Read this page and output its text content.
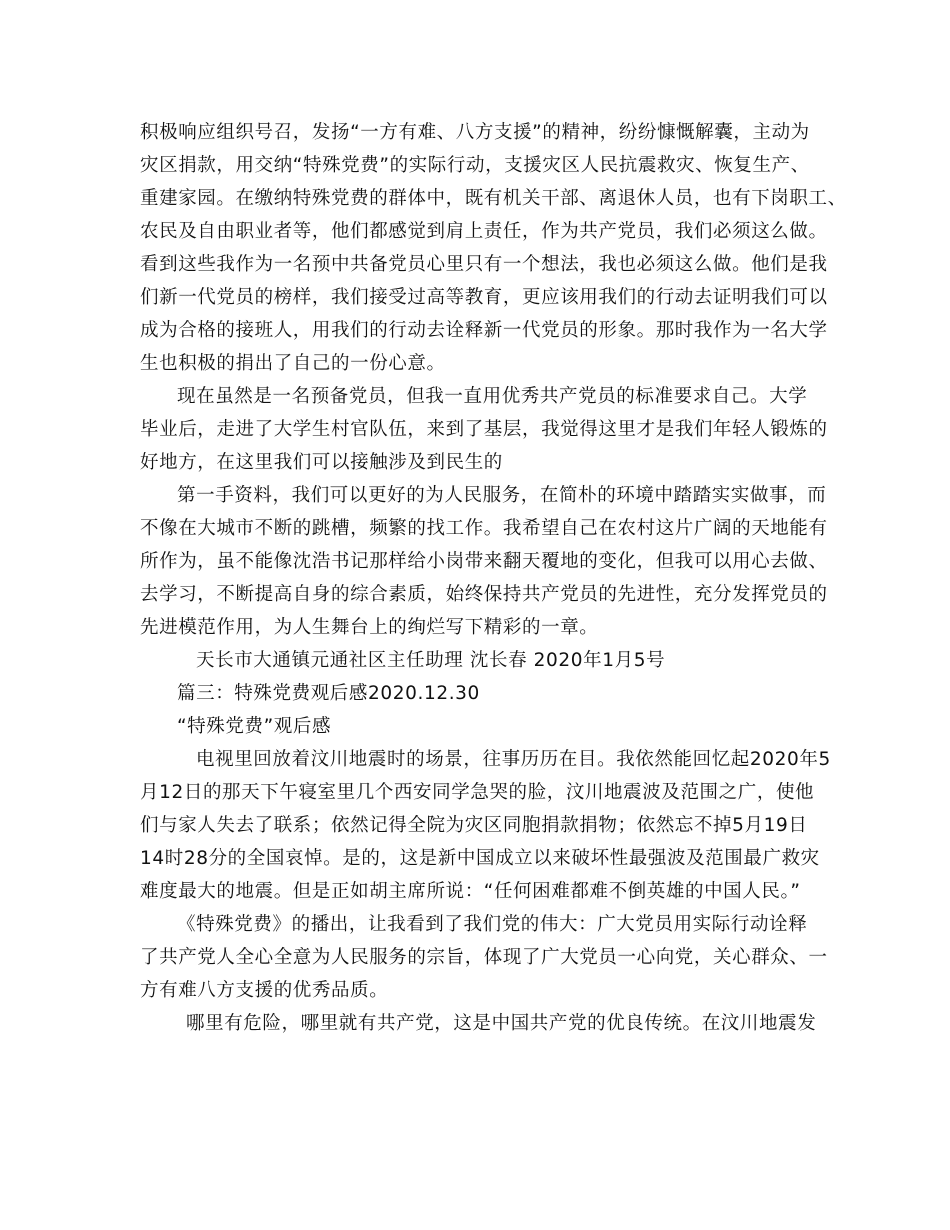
积极响应组织号召，发扬“一方有难、八方支援”的精神，纷纷慷慨解囊，主动为
灾区捐款，用交纳“特殊党费”的实际行动，支援灾区人民抗震救灾、恢复生产、
重建家园。在缴纳特殊党费的群体中，既有机关干部、离退休人员，也有下岗职工、
农民及自由职业者等，他们都感觉到肩上责任，作为共产党员，我们必须这么做。
看到这些我作为一名预中共备党员心里只有一个想法，我也必须这么做。他们是我
们新一代党员的榜样，我们接受过高等教育，更应该用我们的行动去证明我们可以
成为合格的接班人，用我们的行动去诠释新一代党员的形象。那时我作为一名大学
生也积极的捐出了自己的一份心意。
现在虽然是一名预备党员，但我一直用优秀共产党员的标准要求自己。大学
毕业后，走进了大学生村官队伍，来到了基层，我觉得这里才是我们年轻人锻炼的
好地方，在这里我们可以接触涉及到民生的
第一手资料，我们可以更好的为人民服务，在简朴的环境中踏踏实实做事，而
不像在大城市不断的跳槽，频繁的找工作。我希望自己在农村这片广阔的天地能有
所作为，虽不能像沈浩书记那样给小岗带来翻天覆地的变化，但我可以用心去做、
去学习，不断提高自身的综合素质，始终保持共产党员的先进性，充分发挥党员的
先进模范作用，为人生舞台上的绚烂写下精彩的一章。
天长市大通镇元通社区主任助理 沈长春 2020年1月5号
篇三：特殊党费观后感2020.12.30
“特殊党费”观后感
电视里回放着汶川地震时的场景，往事历历在目。我依然能回忆起2020年5
月12日的那天下午寝室里几个西安同学急哭的脸，汶川地震波及范围之广，使他
们与家人失去了联系；依然记得全院为灾区同胞捐款捐物；依然忘不掉5月19日
14时28分的全国哀悼。是的，这是新中国成立以来破坏性最强波及范围最广救灾
难度最大的地震。但是正如胡主席所说：“任何困难都难不倒英雄的中国人民。”
《特殊党费》的播出，让我看到了我们党的伟大：广大党员用实际行动诠释
了共产党人全心全意为人民服务的宗旨，体现了广大党员一心向党，关心群众、一
方有难八方支援的优秀品质。
哪里有危险，哪里就有共产党，这是中国共产党的优良传统。在汶川地震发
